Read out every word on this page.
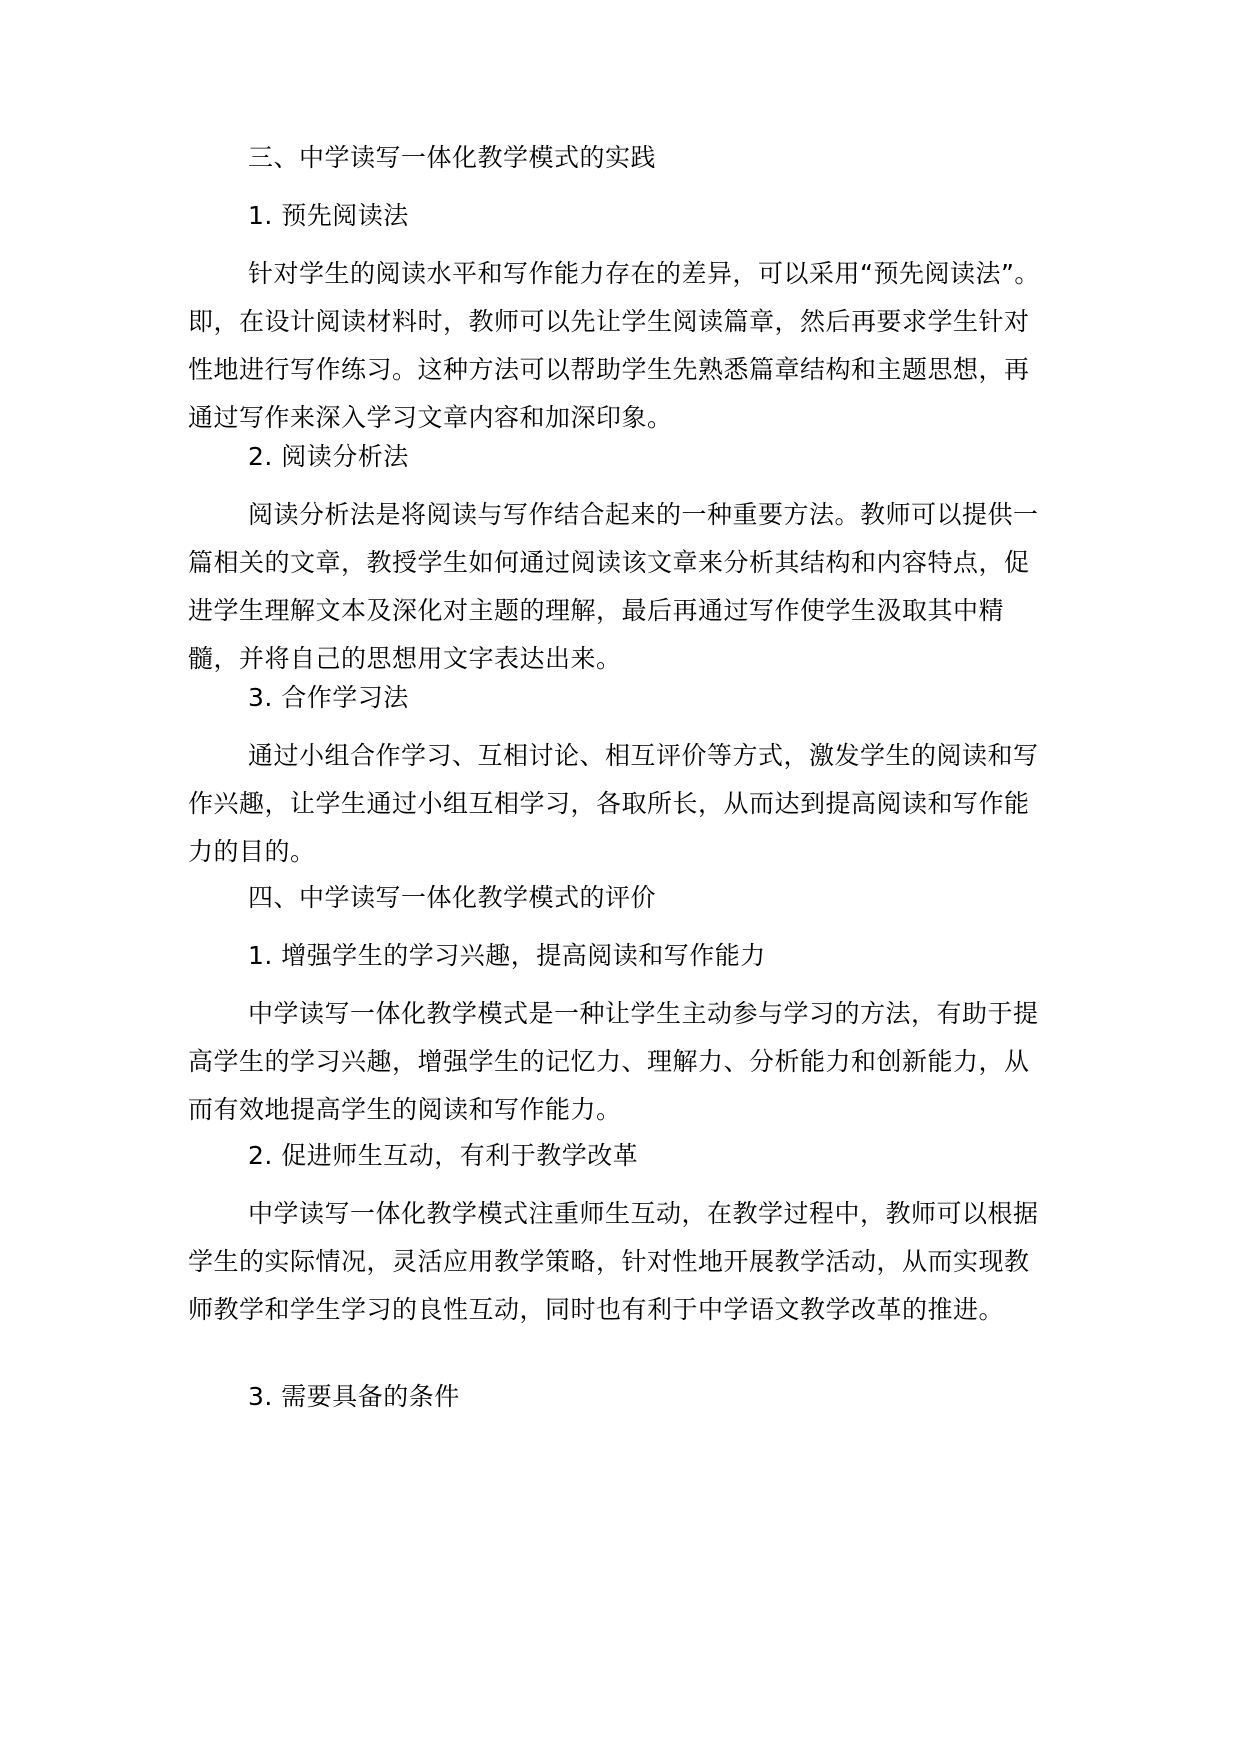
三、中学读写一体化教学模式的实践

1. 预先阅读法

针对学生的阅读水平和写作能力存在的差异，可以采用“预先阅读法”。即，在设计阅读材料时，教师可以先让学生阅读篇章，然后再要求学生针对性地进行写作练习。这种方法可以帮助学生先熟悉篇章结构和主题思想，再通过写作来深入学习文章内容和加深印象。

2. 阅读分析法

阅读分析法是将阅读与写作结合起来的一种重要方法。教师可以提供一篇相关的文章，教授学生如何通过阅读该文章来分析其结构和内容特点，促进学生理解文本及深化对主题的理解，最后再通过写作使学生汲取其中精髓，并将自己的思想用文字表达出来。

3. 合作学习法

通过小组合作学习、互相讨论、相互评价等方式，激发学生的阅读和写作兴趣，让学生通过小组互相学习，各取所长，从而达到提高阅读和写作能力的目的。

四、中学读写一体化教学模式的评价

1. 增强学生的学习兴趣，提高阅读和写作能力

中学读写一体化教学模式是一种让学生主动参与学习的方法，有助于提高学生的学习兴趣，增强学生的记忆力、理解力、分析能力和创新能力，从而有效地提高学生的阅读和写作能力。

2. 促进师生互动，有利于教学改革

中学读写一体化教学模式注重师生互动，在教学过程中，教师可以根据学生的实际情况，灵活应用教学策略，针对性地开展教学活动，从而实现教师教学和学生学习的良性互动，同时也有利于中学语文教学改革的推进。

3. 需要具备的条件
